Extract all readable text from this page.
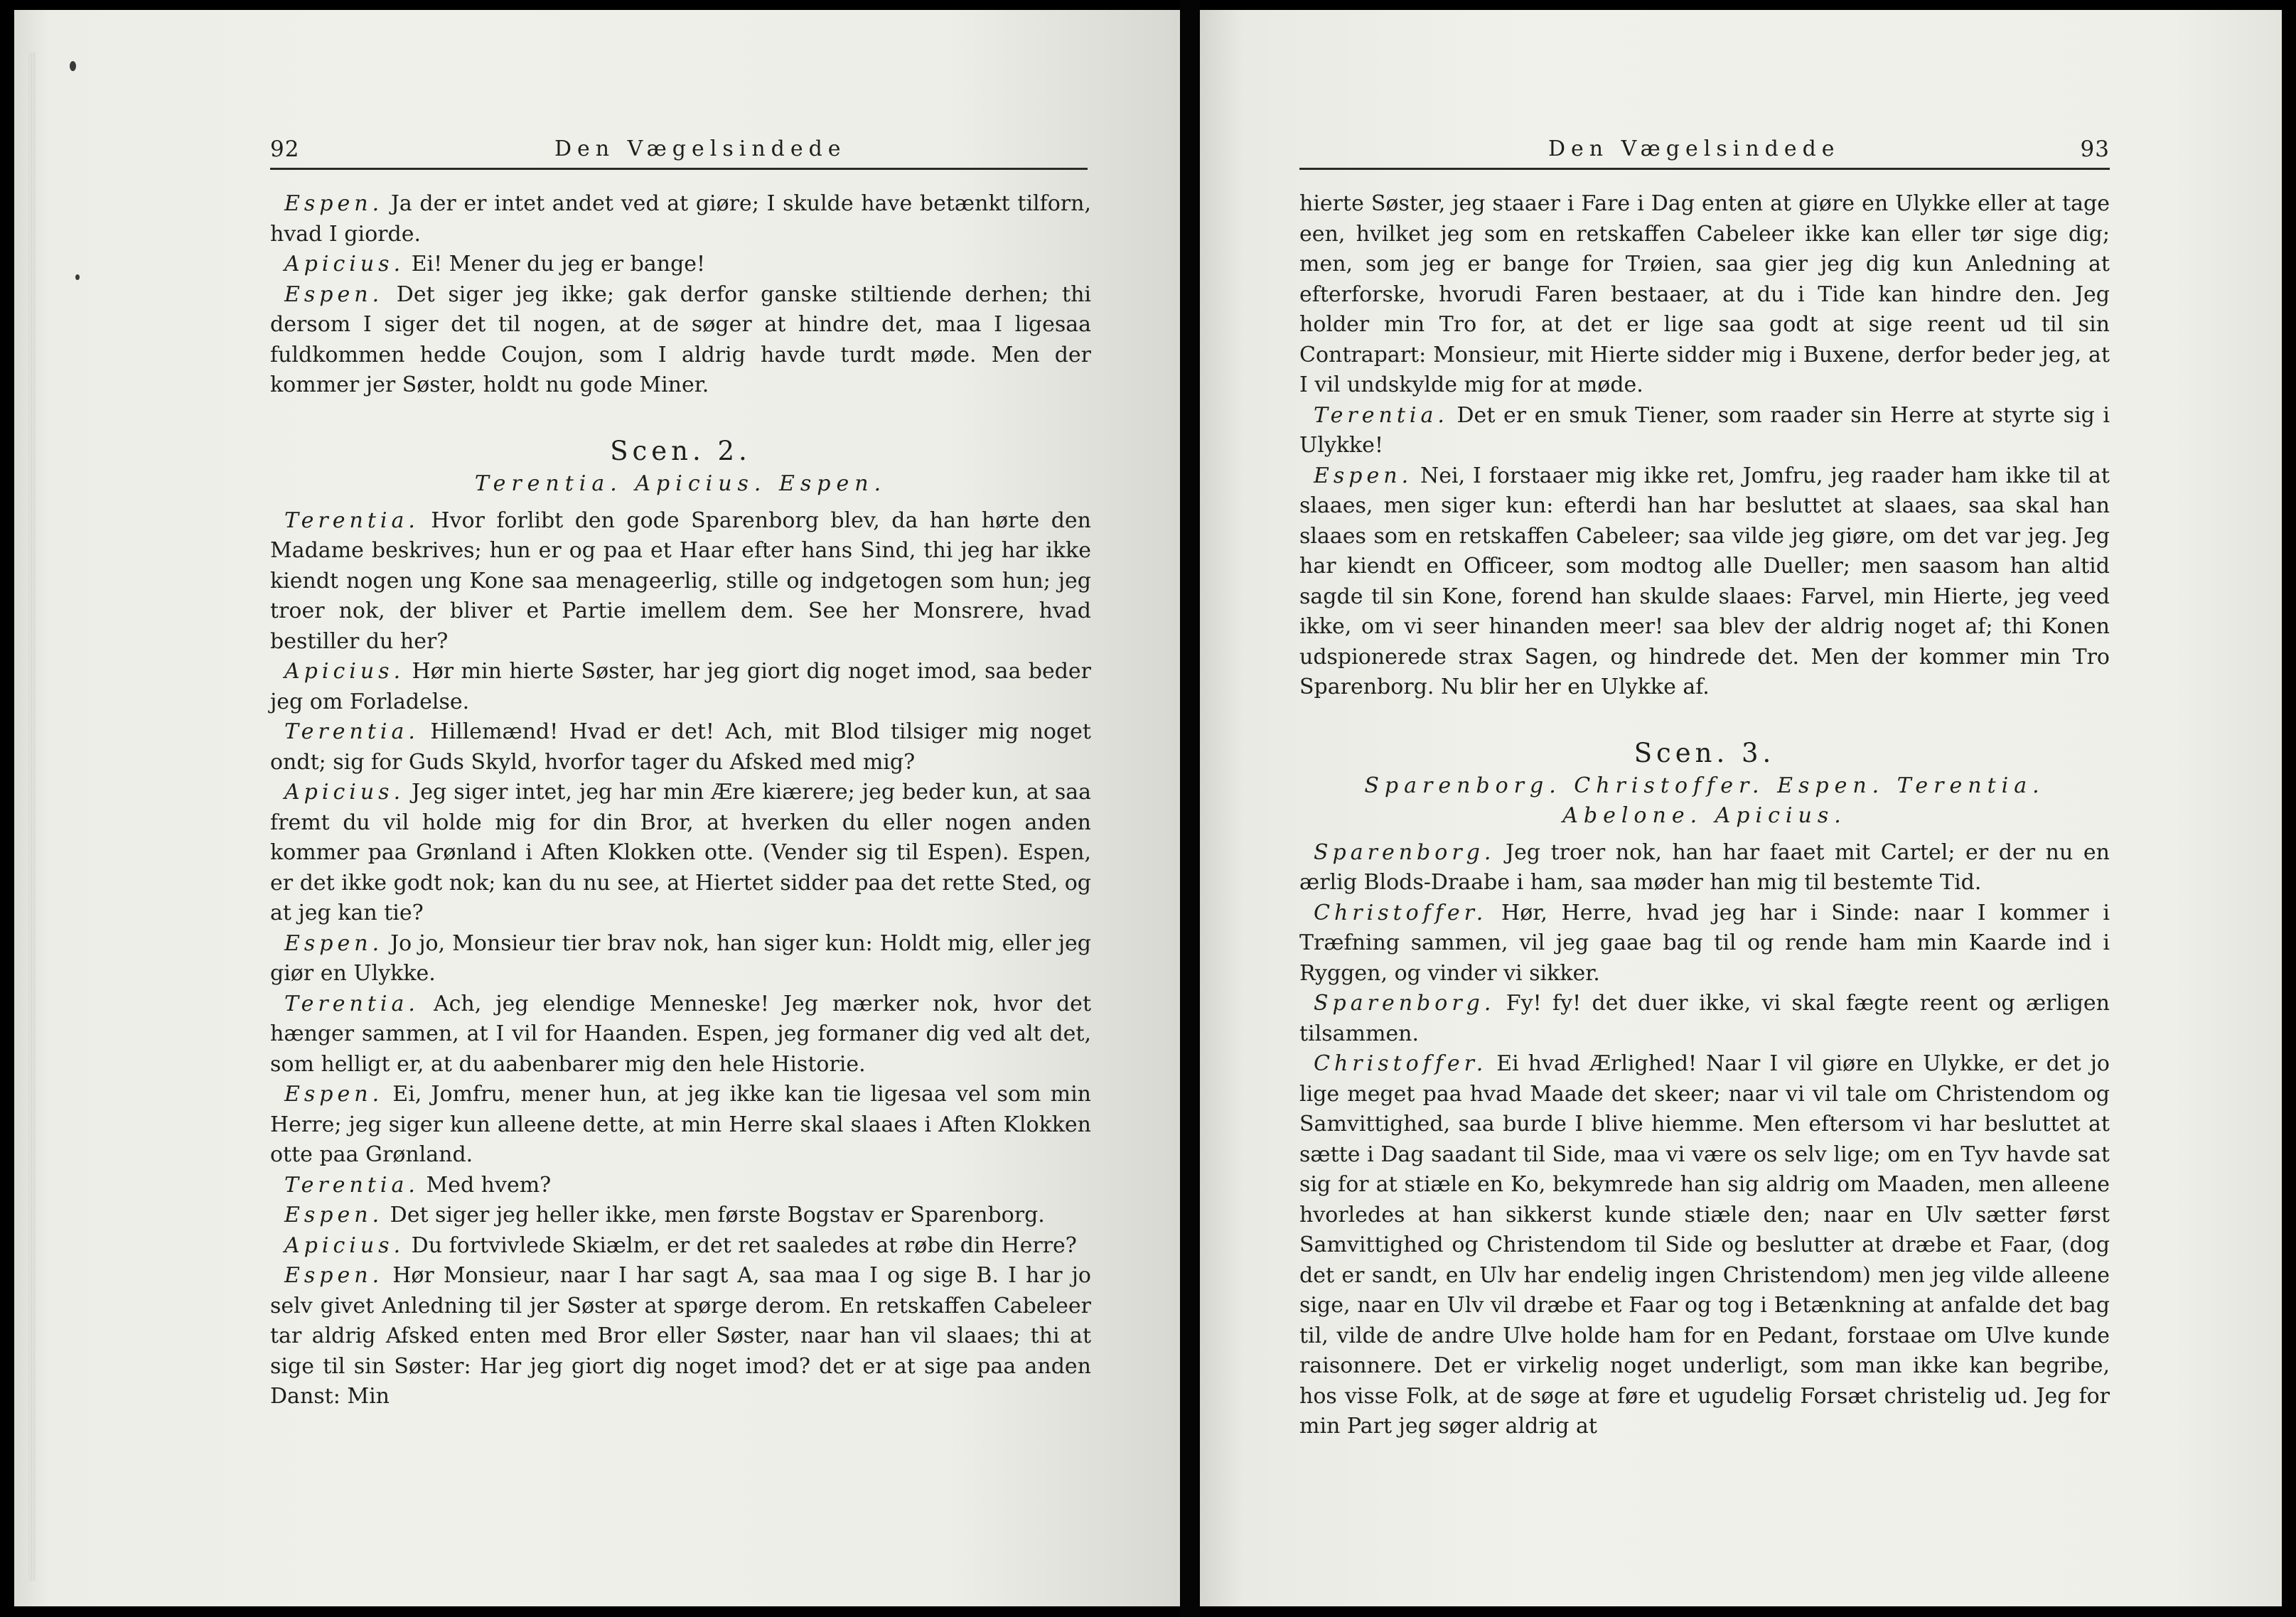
92	Den Vægelsindede

Espen. Ja der er intet andet ved at giøre; I skulde have betænkt tilforn, hvad I giorde.

Apicius. Ei! Mener du jeg er bange!

Espen. Det siger jeg ikke; gak derfor ganske stiltiende derhen; thi dersom I siger det til nogen, at de søger at hindre det, maa I ligesaa fuldkommen hedde Coujon, som I aldrig havde turdt møde. Men der kommer jer Søster, holdt nu gode Miner.

Scen. 2.
Terentia. Apicius. Espen.

Terentia. Hvor forlibt den gode Sparenborg blev, da han hørte den Madame beskrives; hun er og paa et Haar efter hans Sind, thi jeg har ikke kiendt nogen ung Kone saa menageerlig, stille og indgetogen som hun; jeg troer nok, der bliver et Partie imellem dem. See her Monsrere, hvad bestiller du her?

Apicius. Hør min hierte Søster, har jeg giort dig noget imod, saa beder jeg om Forladelse.

Terentia. Hillemænd! Hvad er det! Ach, mit Blod tilsiger mig noget ondt; sig for Guds Skyld, hvorfor tager du Afsked med mig?

Apicius. Jeg siger intet, jeg har min Ære kiærere; jeg beder kun, at saa fremt du vil holde mig for din Bror, at hverken du eller nogen anden kommer paa Grønland i Aften Klokken otte. (Vender sig til Espen). Espen, er det ikke godt nok; kan du nu see, at Hiertet sidder paa det rette Sted, og at jeg kan tie?

Espen. Jo jo, Monsieur tier brav nok, han siger kun: Holdt mig, eller jeg giør en Ulykke.

Terentia. Ach, jeg elendige Menneske! Jeg mærker nok, hvor det hænger sammen, at I vil for Haanden. Espen, jeg formaner dig ved alt det, som helligt er, at du aabenbarer mig den hele Historie.

Espen. Ei, Jomfru, mener hun, at jeg ikke kan tie ligesaa vel som min Herre; jeg siger kun alleene dette, at min Herre skal slaaes i Aften Klokken otte paa Grønland.

Terentia. Med hvem?

Espen. Det siger jeg heller ikke, men første Bogstav er Sparenborg.

Apicius. Du fortvivlede Skiælm, er det ret saaledes at røbe din Herre?

Espen. Hør Monsieur, naar I har sagt A, saa maa I og sige B. I har jo selv givet Anledning til jer Søster at spørge derom. En retskaffen Cabeleer tar aldrig Afsked enten med Bror eller Søster, naar han vil slaaes; thi at sige til sin Søster: Har jeg giort dig noget imod? det er at sige paa anden Danst: Min

Den Vægelsindede	93

hierte Søster, jeg staaer i Fare i Dag enten at giøre en Ulykke eller at tage een, hvilket jeg som en retskaffen Cabeleer ikke kan eller tør sige dig; men, som jeg er bange for Trøien, saa gier jeg dig kun Anledning at efterforske, hvorudi Faren bestaaer, at du i Tide kan hindre den. Jeg holder min Tro for, at det er lige saa godt at sige reent ud til sin Contrapart: Monsieur, mit Hierte sidder mig i Buxene, derfor beder jeg, at I vil undskylde mig for at møde.

Terentia. Det er en smuk Tiener, som raader sin Herre at styrte sig i Ulykke!

Espen. Nei, I forstaaer mig ikke ret, Jomfru, jeg raader ham ikke til at slaaes, men siger kun: efterdi han har besluttet at slaaes, saa skal han slaaes som en retskaffen Cabeleer; saa vilde jeg giøre, om det var jeg. Jeg har kiendt en Officeer, som modtog alle Dueller; men saasom han altid sagde til sin Kone, forend han skulde slaaes: Farvel, min Hierte, jeg veed ikke, om vi seer hinanden meer! saa blev der aldrig noget af; thi Konen udspionerede strax Sagen, og hindrede det. Men der kommer min Tro Sparenborg. Nu blir her en Ulykke af.

Scen. 3.
Sparenborg. Christoffer. Espen. Terentia. Abelone. Apicius.

Sparenborg. Jeg troer nok, han har faaet mit Cartel; er der nu en ærlig Blods-Draabe i ham, saa møder han mig til bestemte Tid.

Christoffer. Hør, Herre, hvad jeg har i Sinde: naar I kommer i Træfning sammen, vil jeg gaae bag til og rende ham min Kaarde ind i Ryggen, og vinder vi sikker.

Sparenborg. Fy! fy! det duer ikke, vi skal fægte reent og ærligen tilsammen.

Christoffer. Ei hvad Ærlighed! Naar I vil giøre en Ulykke, er det jo lige meget paa hvad Maade det skeer; naar vi vil tale om Christendom og Samvittighed, saa burde I blive hiemme. Men eftersom vi har besluttet at sætte i Dag saadant til Side, maa vi være os selv lige; om en Tyv havde sat sig for at stiæle en Ko, bekymrede han sig aldrig om Maaden, men alleene hvorledes at han sikkerst kunde stiæle den; naar en Ulv sætter først Samvittighed og Christendom til Side og beslutter at dræbe et Faar, (dog det er sandt, en Ulv har endelig ingen Christendom) men jeg vilde alleene sige, naar en Ulv vil dræbe et Faar og tog i Betænkning at anfalde det bag til, vilde de andre Ulve holde ham for en Pedant, forstaae om Ulve kunde raisonnere. Det er virkelig noget underligt, som man ikke kan begribe, hos visse Folk, at de søge at føre et ugudelig Forsæt christelig ud. Jeg for min Part jeg søger aldrig at
